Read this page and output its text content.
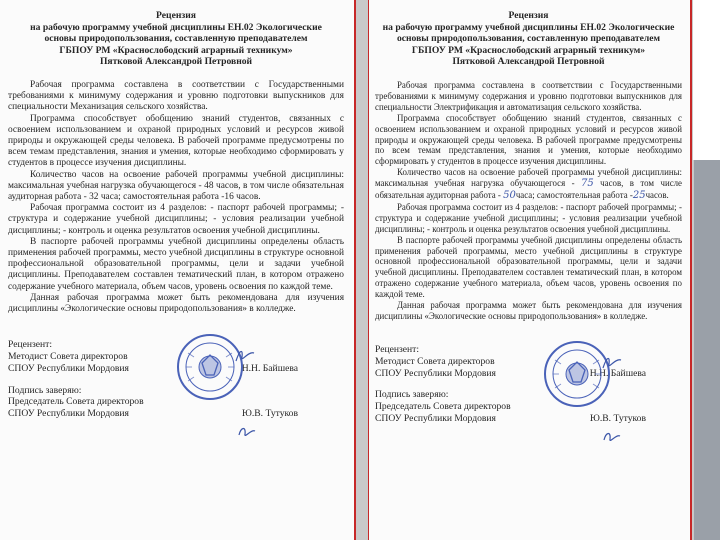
Рецензия
на рабочую программу учебной дисциплины ЕН.02 Экологические
основы природопользования, составленную преподавателем
ГБПОУ РМ «Краснослободский аграрный техникум»
Пятковой Александрой Петровной

Рабочая программа составлена в соответствии с Государственными требованиями к минимуму содержания и уровню подготовки выпускников для специальности Механизация сельского хозяйства.

Программа способствует обобщению знаний студентов, связанных с освоением использованием и охраной природных условий и ресурсов живой природы и окружающей среды человека. В рабочей программе предусмотрены по всем темам представления, знания и умения, которые необходимо сформировать у студентов в процессе изучения дисциплины.

Количество часов на освоение рабочей программы учебной дисциплины: максимальная учебная нагрузка обучающегося - 48 часов, в том числе обязательная аудиторная работа - 32 часа; самостоятельная работа -16 часов.

Рабочая программа состоит из 4 разделов: - паспорт рабочей программы; - структура и содержание учебной дисциплины; - условия реализации учебной дисциплины; - контроль и оценка результатов освоения учебной дисциплины.

В паспорте рабочей программы учебной дисциплины определены область применения рабочей программы, место учебной дисциплины в структуре основной профессиональной образовательной программы, цели и задачи учебной дисциплины. Преподавателем составлен тематический план, в котором отражено содержание учебного материала, объем часов, уровень освоения по каждой теме.

Данная рабочая программа может быть рекомендована для изучения дисциплины «Экологические основы природопользования» в колледже.

Рецензент:
Методист Совета директоров
СПОУ Республики Мордовия	Н.Н. Байшева
Подпись заверяю:
Председатель Совета директоров
СПОУ Республики Мордовия	Ю.В. Тутуков
Рецензия
на рабочую программу учебной дисциплины ЕН.02 Экологические
основы природопользования, составленную преподавателем
ГБПОУ РМ «Краснослободский аграрный техникум»
Пятковой Александрой Петровной

Рабочая программа составлена в соответствии с Государственными требованиями к минимуму содержания и уровню подготовки выпускников для специальности Электрификация и автоматизация сельского хозяйства.

Программа способствует обобщению знаний студентов, связанных с освоением использованием и охраной природных условий и ресурсов живой природы и окружающей среды человека. В рабочей программе предусмотрены по всем темам представления, знания и умения, которые необходимо сформировать у студентов в процессе изучения дисциплины.

Количество часов на освоение рабочей программы учебной дисциплины: максимальная учебная нагрузка обучающегося - 75 часов, в том числе обязательная аудиторная работа - 50часа; самостоятельная работа -25часов.

Рабочая программа состоит из 4 разделов: - паспорт рабочей программы; - структура и содержание учебной дисциплины; - условия реализации учебной дисциплины; - контроль и оценка результатов освоения учебной дисциплины.

В паспорте рабочей программы учебной дисциплины определены область применения рабочей программы, место учебной дисциплины в структуре основной профессиональной образовательной программы, цели и задачи учебной дисциплины. Преподавателем составлен тематический план, в котором отражено содержание учебного материала, объем часов, уровень освоения по каждой теме.

Данная рабочая программа может быть рекомендована для изучения дисциплины «Экологические основы природопользования» в колледже.

Рецензент:
Методист Совета директоров
СПОУ Республики Мордовия	Н.Н. Байшева
Подпись заверяю:
Председатель Совета директоров
СПОУ Республики Мордовия	Ю.В. Тутуков
